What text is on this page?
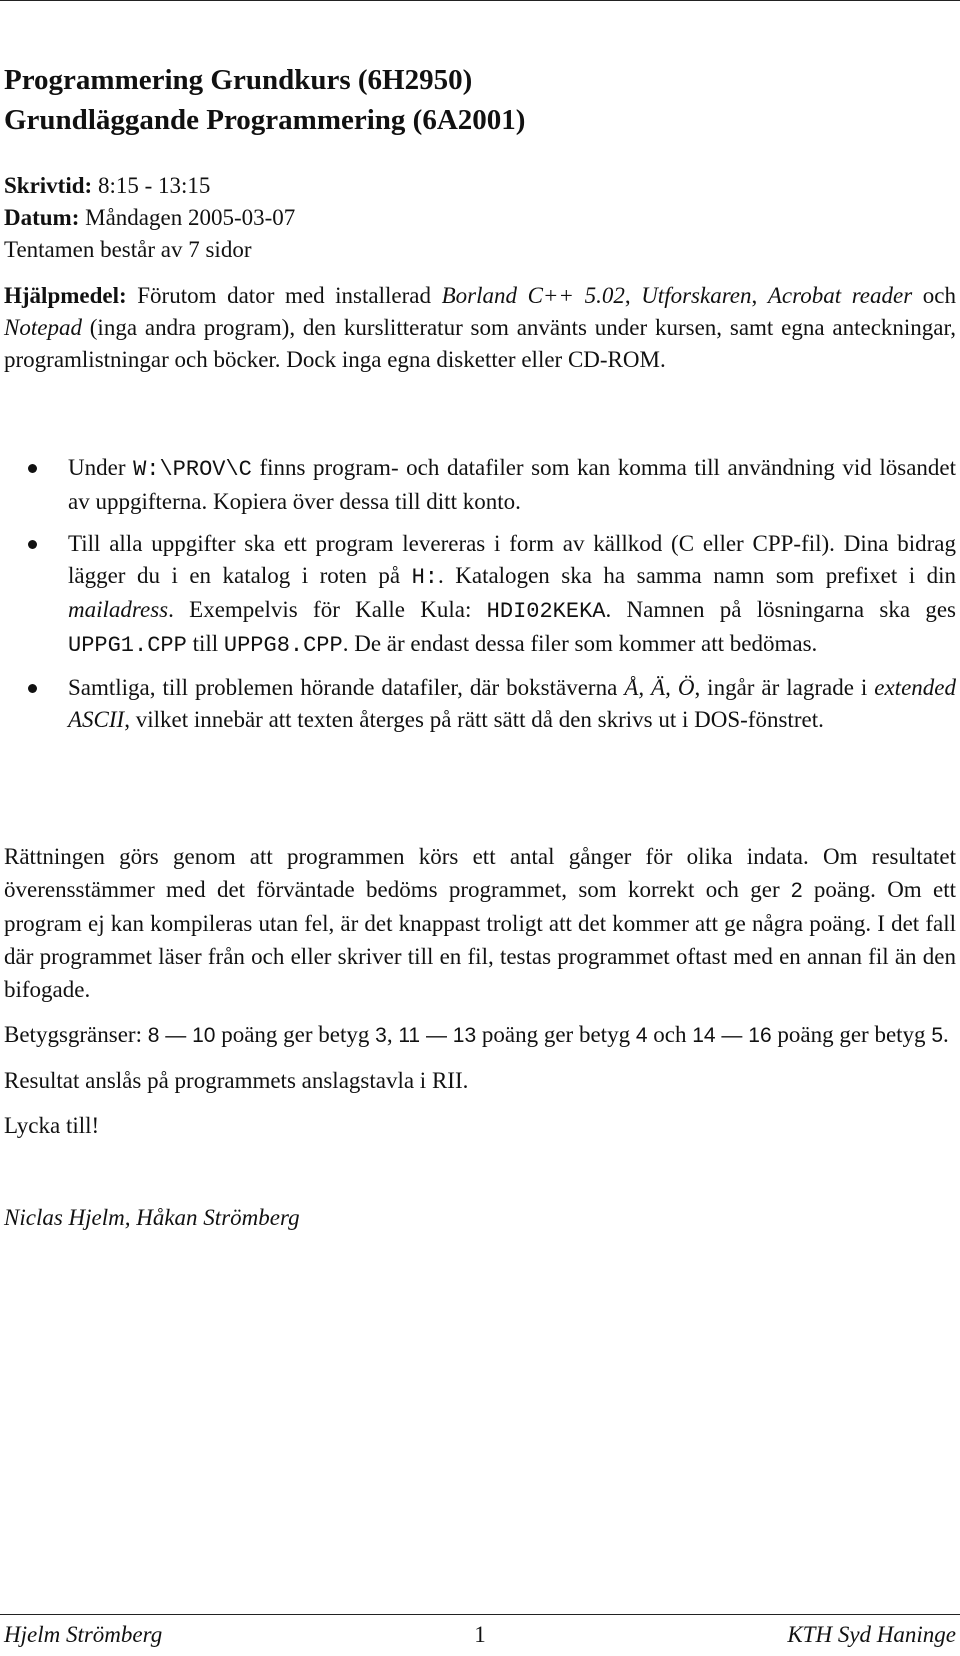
Programmering Grundkurs (6H2950)
Grundläggande Programmering (6A2001)
Skrivtid: 8:15 - 13:15
Datum: Måndagen 2005-03-07
Tentamen består av 7 sidor

Hjälpmedel: Förutom dator med installerad Borland C++ 5.02, Utforskaren, Acrobat reader och Notepad (inga andra program), den kurslitteratur som använts under kursen, samt egna anteckningar, programlistningar och böcker. Dock inga egna disketter eller CD-ROM.

Under W:\PROV\C finns program- och datafiler som kan komma till användning vid lösandet av uppgifterna. Kopiera över dessa till ditt konto.
Till alla uppgifter ska ett program levereras i form av källkod (C eller CPP-fil). Dina bidrag lägger du i en katalog i roten på H:. Katalogen ska ha samma namn som prefixet i din mailadress. Exempelvis för Kalle Kula: HDI02KEKA. Namnen på lösningarna ska ges UPPG1.CPP till UPPG8.CPP. De är endast dessa filer som kommer att bedömas.
Samtliga, till problemen hörande datafiler, där bokstäverna Å, Ä, Ö, ingår är lagrade i extended ASCII, vilket innebär att texten återges på rätt sätt då den skrivs ut i DOS-fönstret.

Rättningen görs genom att programmen körs ett antal gånger för olika indata. Om resultatet överensstämmer med det förväntade bedöms programmet, som korrekt och ger 2 poäng. Om ett program ej kan kompileras utan fel, är det knappast troligt att det kommer att ge några poäng. I det fall där programmet läser från och eller skriver till en fil, testas programmet oftast med en annan fil än den bifogade.

Betygsgränser: 8 — 10 poäng ger betyg 3, 11 — 13 poäng ger betyg 4 och 14 — 16 poäng ger betyg 5.

Resultat anslås på programmets anslagstavla i RII.

Lycka till!

Niclas Hjelm, Håkan Strömberg

Hjelm Strömberg	1	KTH Syd Haninge
